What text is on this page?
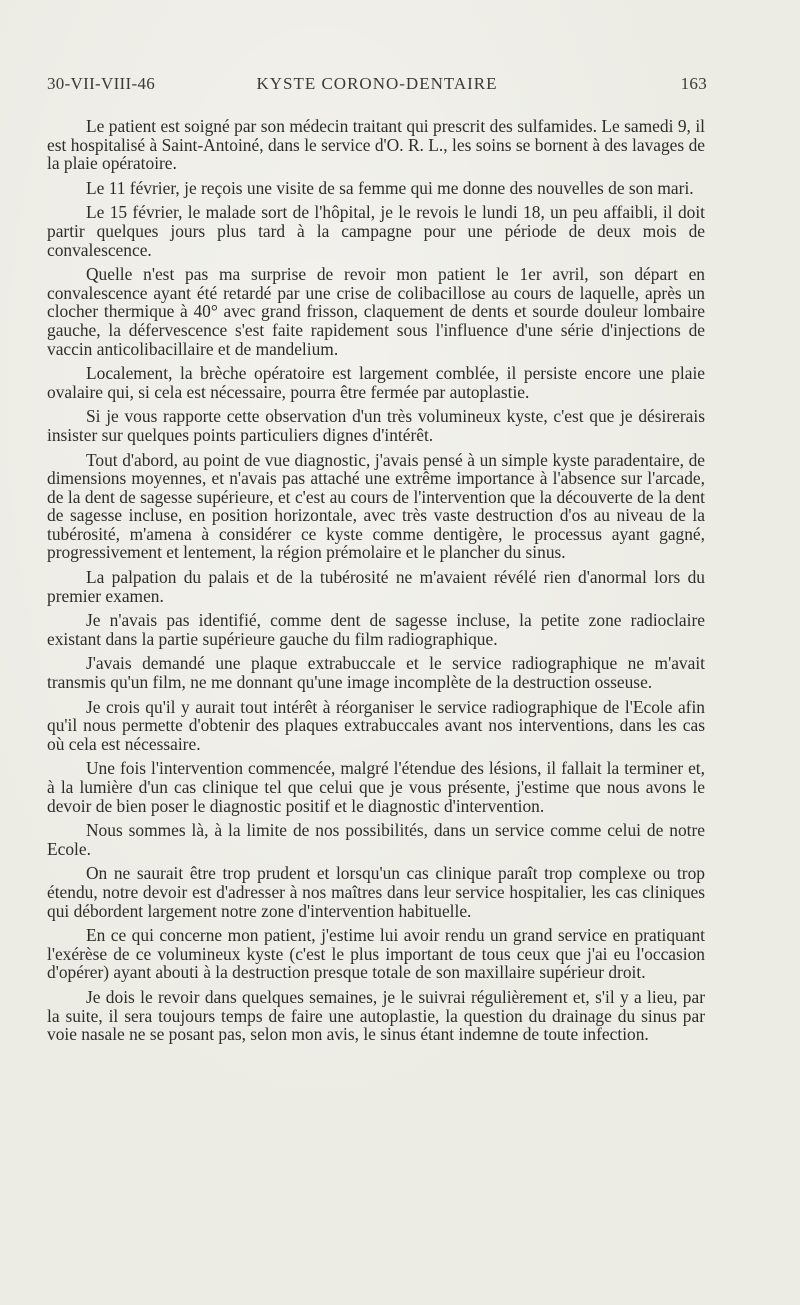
30-VII-VIII-46	KYSTE CORONO-DENTAIRE	163

Le patient est soigné par son médecin traitant qui prescrit des sulfamides. Le samedi 9, il est hospitalisé à Saint-Antoiné, dans le service d'O. R. L., les soins se bornent à des lavages de la plaie opératoire.

Le 11 février, je reçois une visite de sa femme qui me donne des nouvelles de son mari.

Le 15 février, le malade sort de l'hôpital, je le revois le lundi 18, un peu affaibli, il doit partir quelques jours plus tard à la campagne pour une période de deux mois de convalescence.

Quelle n'est pas ma surprise de revoir mon patient le 1er avril, son départ en convalescence ayant été retardé par une crise de colibacillose au cours de laquelle, après un clocher thermique à 40° avec grand frisson, claquement de dents et sourde douleur lombaire gauche, la défervescence s'est faite rapidement sous l'influence d'une série d'injections de vaccin anticolibacillaire et de mandelium.

Localement, la brèche opératoire est largement comblée, il persiste encore une plaie ovalaire qui, si cela est nécessaire, pourra être fermée par autoplastie.

Si je vous rapporte cette observation d'un très volumineux kyste, c'est que je désirerais insister sur quelques points particuliers dignes d'intérêt.

Tout d'abord, au point de vue diagnostic, j'avais pensé à un simple kyste paradentaire, de dimensions moyennes, et n'avais pas attaché une extrême importance à l'absence sur l'arcade, de la dent de sagesse supérieure, et c'est au cours de l'intervention que la découverte de la dent de sagesse incluse, en position horizontale, avec très vaste destruction d'os au niveau de la tubérosité, m'amena à considérer ce kyste comme dentigère, le processus ayant gagné, progressivement et lentement, la région prémolaire et le plancher du sinus.

La palpation du palais et de la tubérosité ne m'avaient révélé rien d'anormal lors du premier examen.

Je n'avais pas identifié, comme dent de sagesse incluse, la petite zone radioclaire existant dans la partie supérieure gauche du film radiographique.

J'avais demandé une plaque extrabuccale et le service radiographique ne m'avait transmis qu'un film, ne me donnant qu'une image incomplète de la destruction osseuse.

Je crois qu'il y aurait tout intérêt à réorganiser le service radiographique de l'Ecole afin qu'il nous permette d'obtenir des plaques extrabuccales avant nos interventions, dans les cas où cela est nécessaire.

Une fois l'intervention commencée, malgré l'étendue des lésions, il fallait la terminer et, à la lumière d'un cas clinique tel que celui que je vous présente, j'estime que nous avons le devoir de bien poser le diagnostic positif et le diagnostic d'intervention.

Nous sommes là, à la limite de nos possibilités, dans un service comme celui de notre Ecole.

On ne saurait être trop prudent et lorsqu'un cas clinique paraît trop complexe ou trop étendu, notre devoir est d'adresser à nos maîtres dans leur service hospitalier, les cas cliniques qui débordent largement notre zone d'intervention habituelle.

En ce qui concerne mon patient, j'estime lui avoir rendu un grand service en pratiquant l'exérèse de ce volumineux kyste (c'est le plus important de tous ceux que j'ai eu l'occasion d'opérer) ayant abouti à la destruction presque totale de son maxillaire supérieur droit.

Je dois le revoir dans quelques semaines, je le suivrai régulièrement et, s'il y a lieu, par la suite, il sera toujours temps de faire une autoplastie, la question du drainage du sinus par voie nasale ne se posant pas, selon mon avis, le sinus étant indemne de toute infection.
